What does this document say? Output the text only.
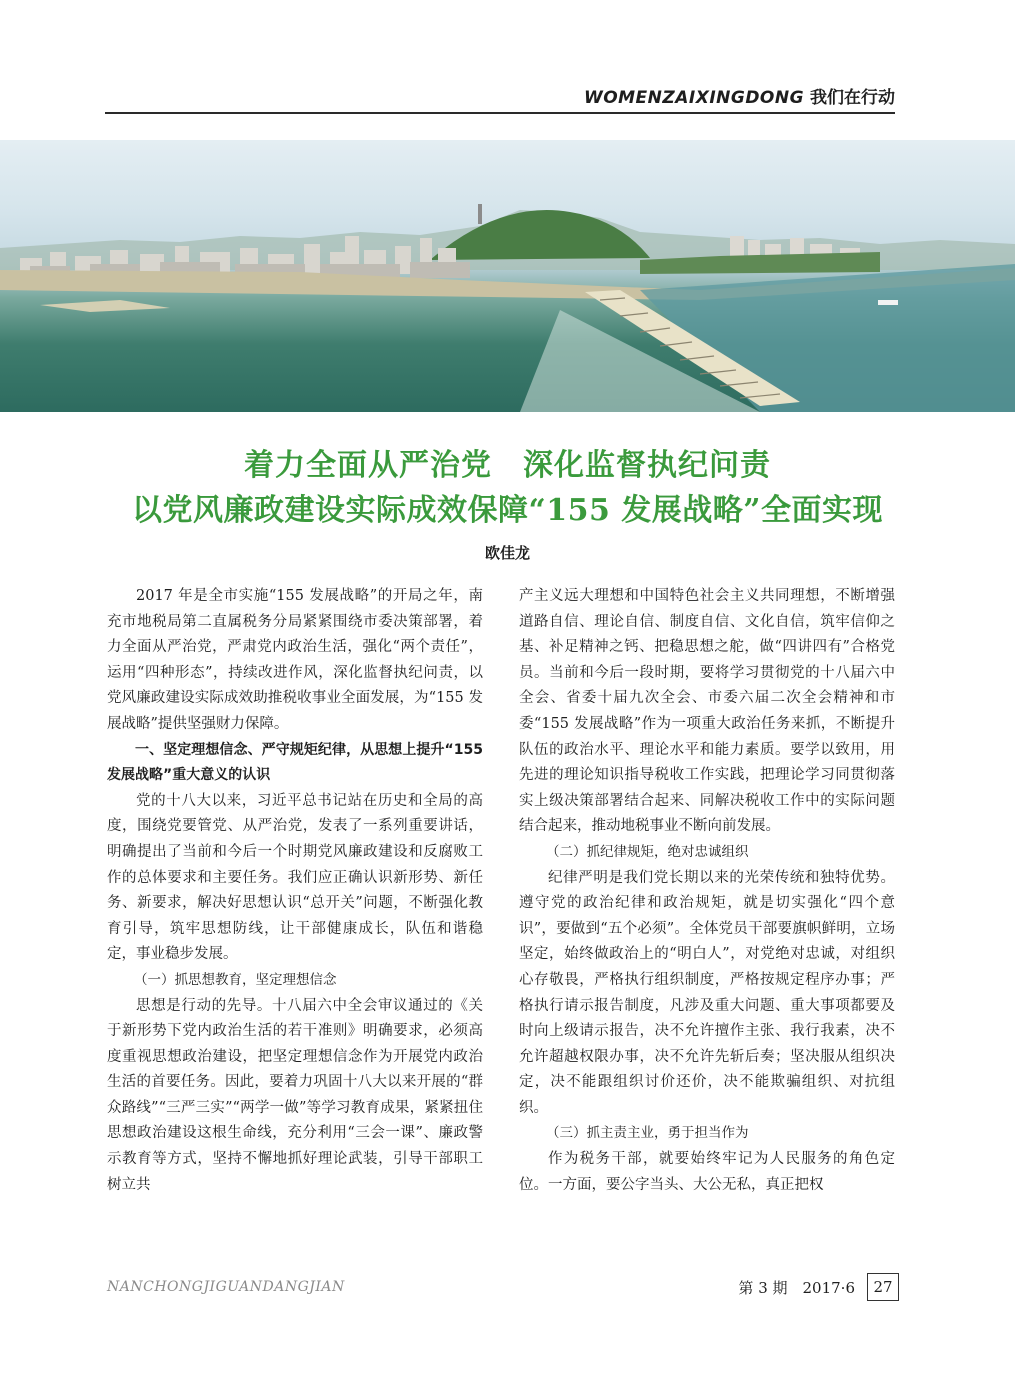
WOMENZAIXINGDONG 我们在行动
着力全面从严治党　深化监督执纪问责
以党风廉政建设实际成效保障“155 发展战略”全面实现
欧佳龙

2017 年是全市实施“155 发展战略”的开局之年，南充市地税局第二直属税务分局紧紧围绕市委决策部署，着力全面从严治党，严肃党内政治生活，强化“两个责任”，运用“四种形态”，持续改进作风，深化监督执纪问责，以党风廉政建设实际成效助推税收事业全面发展，为“155 发展战略”提供坚强财力保障。

一、坚定理想信念、严守规矩纪律，从思想上提升“155 发展战略”重大意义的认识

党的十八大以来，习近平总书记站在历史和全局的高度，围绕党要管党、从严治党，发表了一系列重要讲话，明确提出了当前和今后一个时期党风廉政建设和反腐败工作的总体要求和主要任务。我们应正确认识新形势、新任务、新要求，解决好思想认识“总开关”问题，不断强化教育引导，筑牢思想防线，让干部健康成长，队伍和谐稳定，事业稳步发展。

（一）抓思想教育，坚定理想信念

思想是行动的先导。十八届六中全会审议通过的《关于新形势下党内政治生活的若干准则》明确要求，必须高度重视思想政治建设，把坚定理想信念作为开展党内政治生活的首要任务。因此，要着力巩固十八大以来开展的“群众路线”“三严三实”“两学一做”等学习教育成果，紧紧扭住思想政治建设这根生命线，充分利用“三会一课”、廉政警示教育等方式，坚持不懈地抓好理论武装，引导干部职工树立共

产主义远大理想和中国特色社会主义共同理想，不断增强道路自信、理论自信、制度自信、文化自信，筑牢信仰之基、补足精神之钙、把稳思想之舵，做“四讲四有”合格党员。当前和今后一段时期，要将学习贯彻党的十八届六中全会、省委十届九次全会、市委六届二次全会精神和市委“155 发展战略”作为一项重大政治任务来抓，不断提升队伍的政治水平、理论水平和能力素质。要学以致用，用先进的理论知识指导税收工作实践，把理论学习同贯彻落实上级决策部署结合起来、同解决税收工作中的实际问题结合起来，推动地税事业不断向前发展。

（二）抓纪律规矩，绝对忠诚组织

纪律严明是我们党长期以来的光荣传统和独特优势。遵守党的政治纪律和政治规矩，就是切实强化“四个意识”，要做到“五个必须”。全体党员干部要旗帜鲜明，立场坚定，始终做政治上的“明白人”，对党绝对忠诚，对组织心存敬畏，严格执行组织制度，严格按规定程序办事；严格执行请示报告制度，凡涉及重大问题、重大事项都要及时向上级请示报告，决不允许擅作主张、我行我素，决不允许超越权限办事，决不允许先斩后奏；坚决服从组织决定，决不能跟组织讨价还价，决不能欺骗组织、对抗组织。

（三）抓主责主业，勇于担当作为

作为税务干部，就要始终牢记为人民服务的角色定位。一方面，要公字当头、大公无私，真正把权

NANCHONGJIGUANDANGJIAN	第 3 期　2017·6	27
